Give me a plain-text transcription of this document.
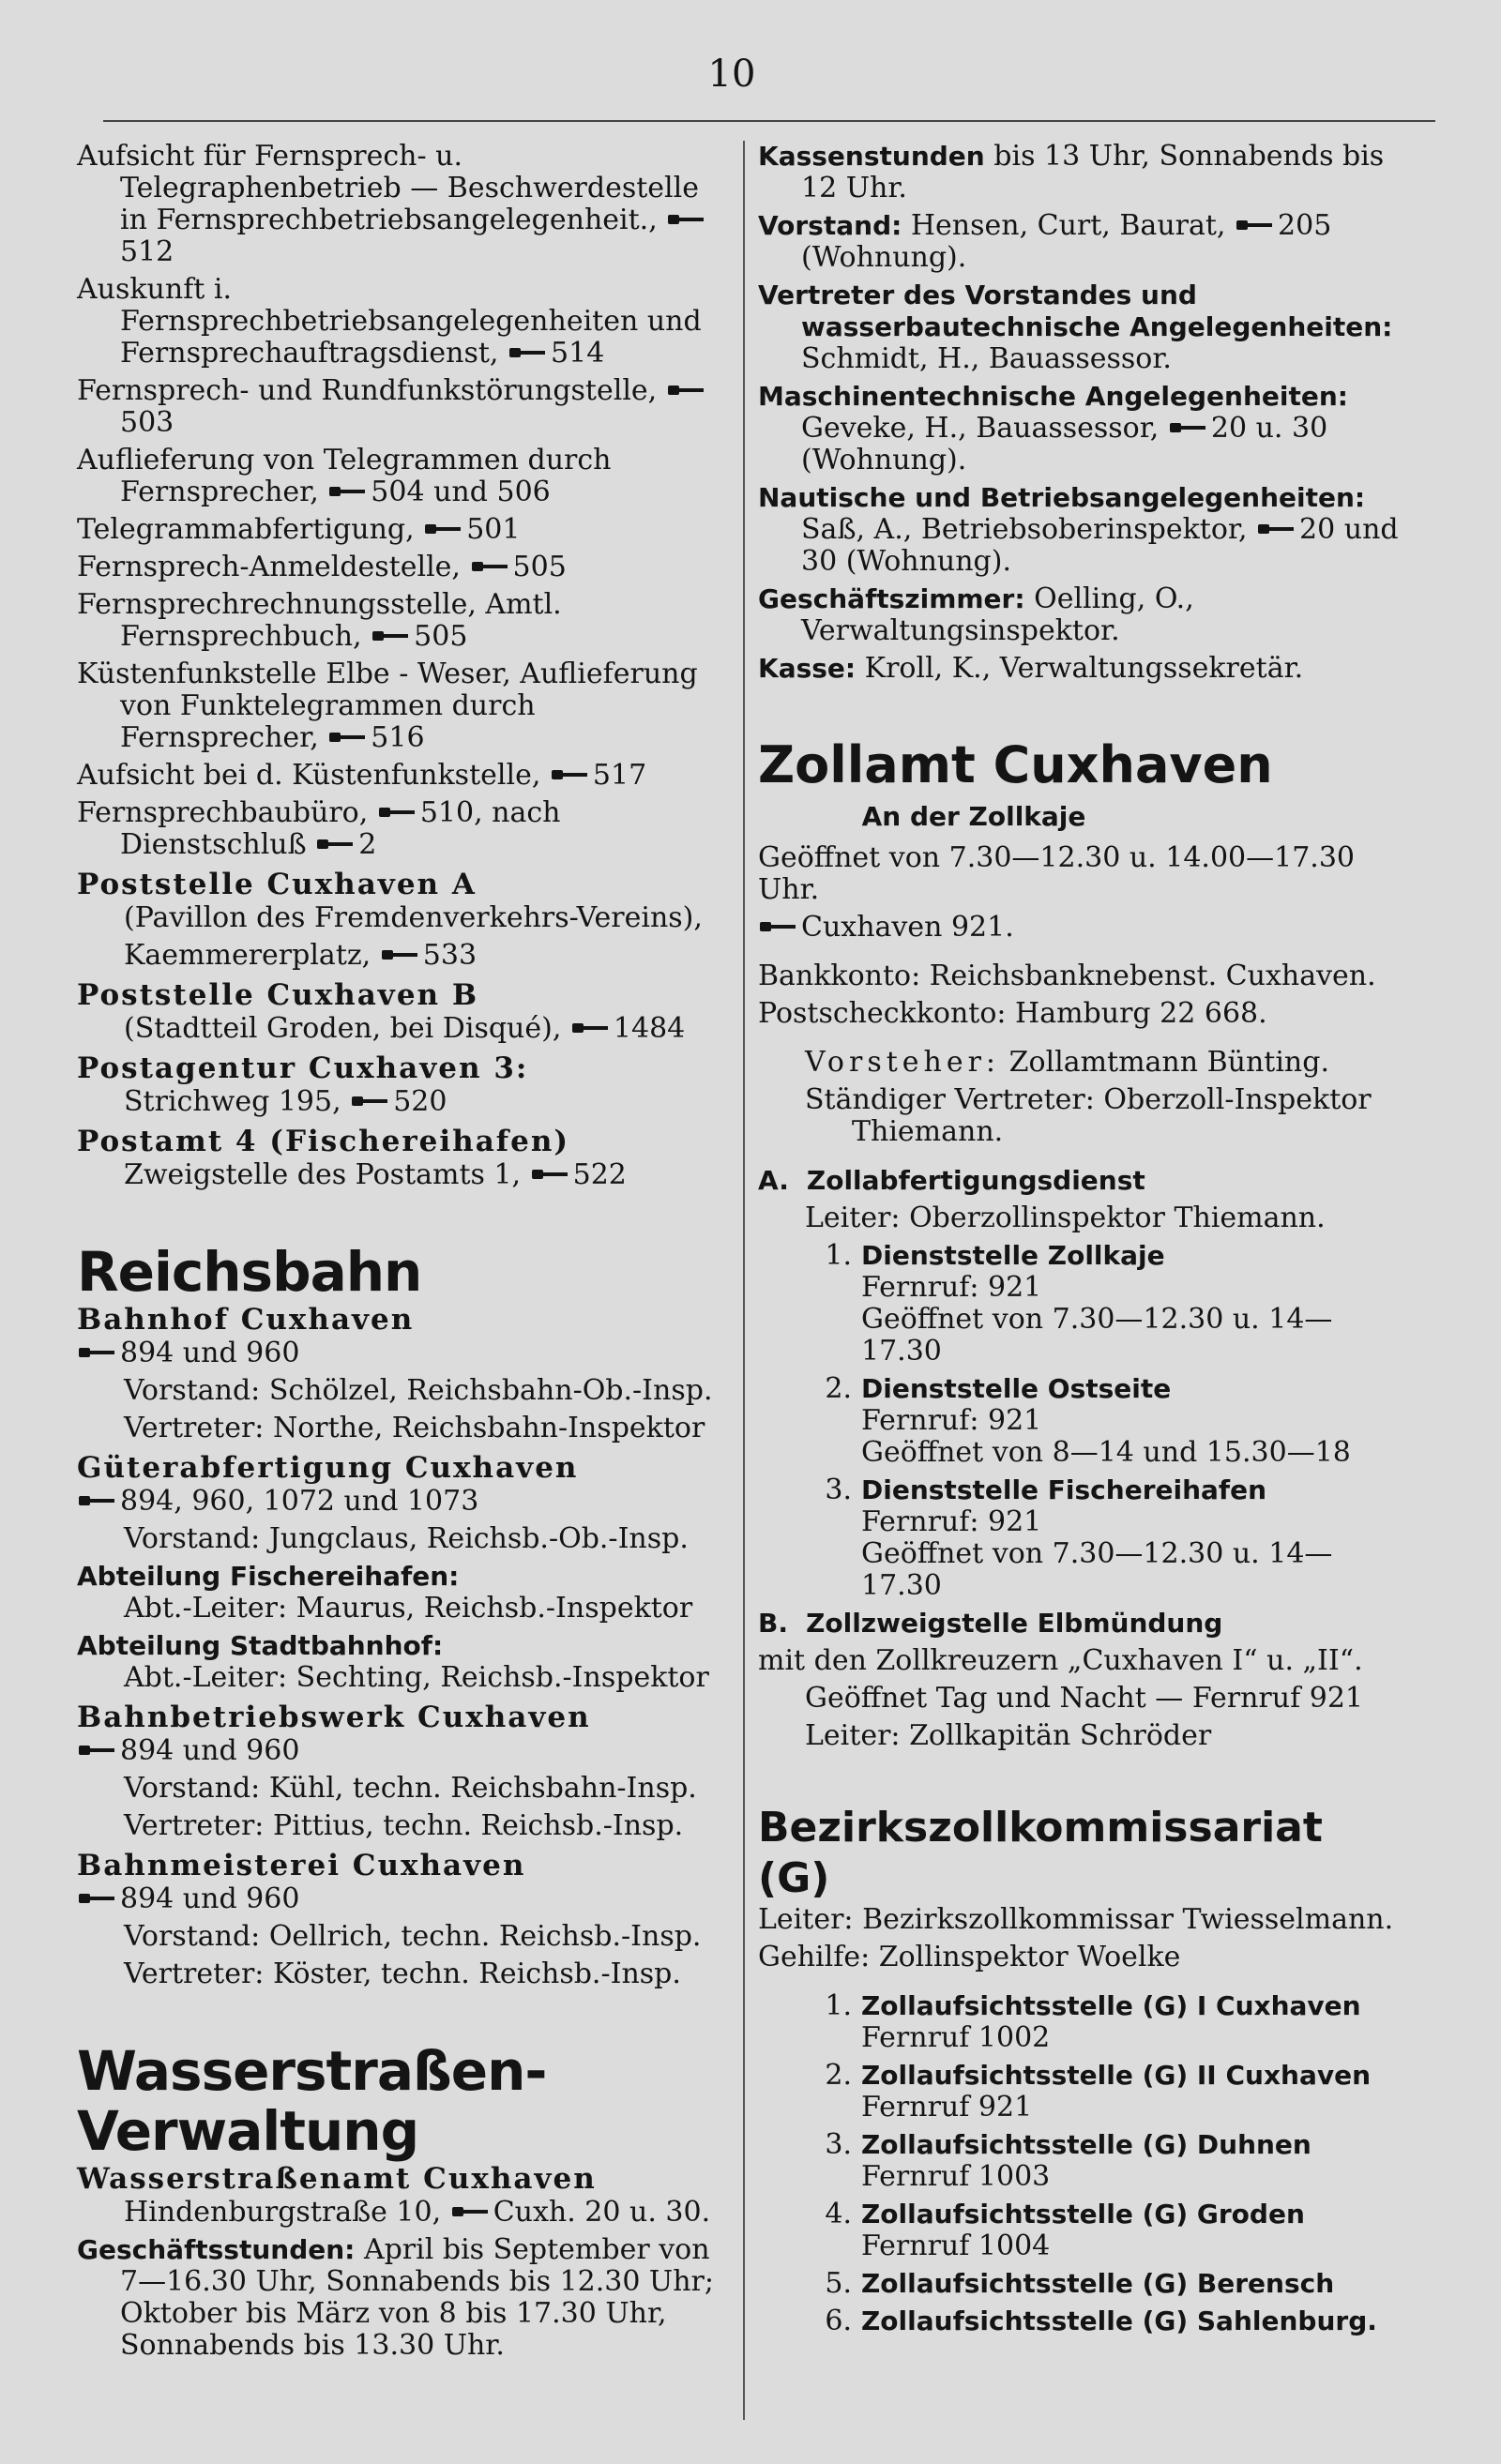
10
Aufsicht für Fernsprech- u. Telegraphenbetrieb — Beschwerdestelle in Fernsprechbetriebsangelegenheit., 512
Auskunft i. Fernsprechbetriebsangelegenheiten und Fernsprechauftragsdienst, 514
Fernsprech- und Rundfunkstörungstelle, 503
Auflieferung von Telegrammen durch Fernsprecher, 504 und 506
Telegrammabfertigung, 501
Fernsprech-Anmeldestelle, 505
Fernsprechrechnungsstelle, Amtl. Fernsprechbuch, 505
Küstenfunkstelle Elbe - Weser, Auflieferung von Funktelegrammen durch Fernsprecher, 516
Aufsicht bei d. Küstenfunkstelle, 517
Fernsprechbaubüro, 510, nach Dienstschluß 2
Poststelle Cuxhaven A
(Pavillon des Fremdenverkehrs-Vereins),
Kaemmererplatz, 533
Poststelle Cuxhaven B
(Stadtteil Groden, bei Disqué), 1484
Postagentur Cuxhaven 3:
Strichweg 195, 520
Postamt 4 (Fischereihafen)
Zweigstelle des Postamts 1, 522
Reichsbahn
Bahnhof Cuxhaven
894 und 960
Vorstand: Schölzel, Reichsbahn-Ob.-Insp.
Vertreter: Northe, Reichsbahn-Inspektor
Güterabfertigung Cuxhaven
894, 960, 1072 und 1073
Vorstand: Jungclaus, Reichsb.-Ob.-Insp.
Abteilung Fischereihafen:
Abt.-Leiter: Maurus, Reichsb.-Inspektor
Abteilung Stadtbahnhof:
Abt.-Leiter: Sechting, Reichsb.-Inspektor
Bahnbetriebswerk Cuxhaven
894 und 960
Vorstand: Kühl, techn. Reichsbahn-Insp.
Vertreter: Pittius, techn. Reichsb.-Insp.
Bahnmeisterei Cuxhaven
894 und 960
Vorstand: Oellrich, techn. Reichsb.-Insp.
Vertreter: Köster, techn. Reichsb.-Insp.
Wasserstraßen-
Verwaltung
Wasserstraßenamt Cuxhaven
Hindenburgstraße 10, Cuxh. 20 u. 30.
Geschäftsstunden: April bis September von 7—16.30 Uhr, Sonnabends bis 12.30 Uhr; Oktober bis März von 8 bis 17.30 Uhr, Sonnabends bis 13.30 Uhr.
Kassenstunden bis 13 Uhr, Sonnabends bis 12 Uhr.
Vorstand: Hensen, Curt, Baurat, 205 (Wohnung).
Vertreter des Vorstandes und wasserbautechnische Angelegenheiten: Schmidt, H., Bauassessor.
Maschinentechnische Angelegenheiten: Geveke, H., Bauassessor, 20 u. 30 (Wohnung).
Nautische und Betriebsangelegenheiten: Saß, A., Betriebsoberinspektor, 20 und 30 (Wohnung).
Geschäftszimmer: Oelling, O., Verwaltungsinspektor.
Kasse: Kroll, K., Verwaltungssekretär.
Zollamt Cuxhaven
An der Zollkaje
Geöffnet von 7.30—12.30 u. 14.00—17.30 Uhr.
Cuxhaven 921.
Bankkonto: Reichsbanknebenst. Cuxhaven.
Postscheckkonto: Hamburg 22 668.
Vorsteher: Zollamtmann Bünting.
Ständiger Vertreter: Oberzoll-Inspektor
Thiemann.
A. Zollabfertigungsdienst
Leiter: Oberzollinspektor Thiemann.
1. Dienststelle Zollkaje
Fernruf: 921
Geöffnet von 7.30—12.30 u. 14—17.30
2. Dienststelle Ostseite
Fernruf: 921
Geöffnet von 8—14 und 15.30—18
3. Dienststelle Fischereihafen
Fernruf: 921
Geöffnet von 7.30—12.30 u. 14—17.30
B. Zollzweigstelle Elbmündung
mit den Zollkreuzern „Cuxhaven I“ u. „II“.
Geöffnet Tag und Nacht — Fernruf 921
Leiter: Zollkapitän Schröder
Bezirkszollkommissariat
(G)
Leiter: Bezirkszollkommissar Twiesselmann.
Gehilfe: Zollinspektor Woelke
1. Zollaufsichtsstelle (G) I Cuxhaven
Fernruf 1002
2. Zollaufsichtsstelle (G) II Cuxhaven
Fernruf 921
3. Zollaufsichtsstelle (G) Duhnen
Fernruf 1003
4. Zollaufsichtsstelle (G) Groden
Fernruf 1004
5. Zollaufsichtsstelle (G) Berensch
6. Zollaufsichtsstelle (G) Sahlenburg.
